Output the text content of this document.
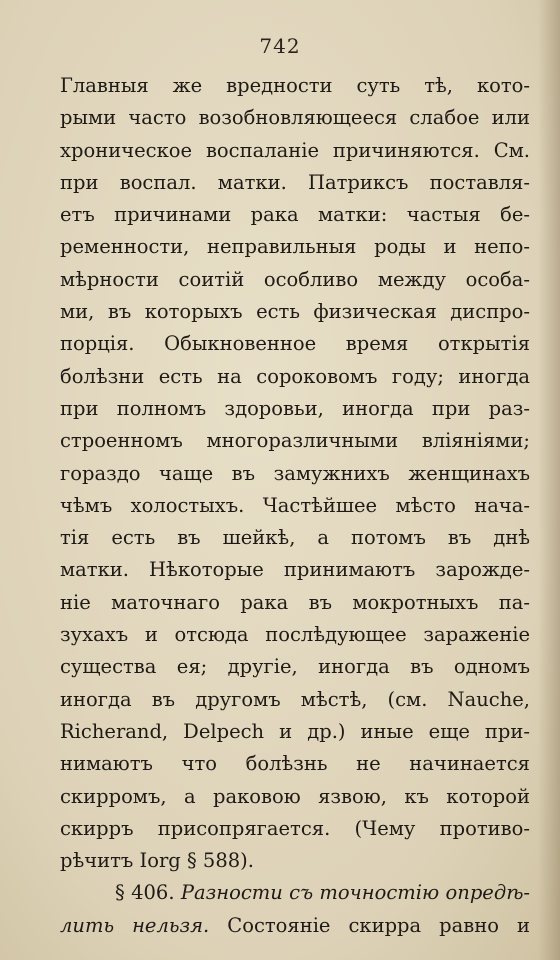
742
Главныя же вредности суть тѣ, кото-
рыми часто возобновляющееся слабое или
хроническое воспаланіе причиняются. См.
при воспал. матки. Патриксъ поставля-
етъ причинами рака матки: частыя бе-
ременности, неправильныя роды и непо-
мѣрности соитій особливо между особа-
ми, въ которыхъ есть физическая диспро-
порція. Обыкновенное время открытія
болѣзни есть на сороковомъ году; иногда
при полномъ здоровьи, иногда при раз-
строенномъ многоразличными вліяніями;
гораздо чаще въ замужнихъ женщинахъ
чѣмъ холостыхъ. Частѣйшее мѣсто нача-
тія есть въ шейкѣ, а потомъ въ днѣ
матки. Нѣкоторые принимаютъ зарожде-
ніе маточнаго рака въ мокротныхъ па-
зухахъ и отсюда послѣдующее зараженіе
существа ея; другіе, иногда въ одномъ
иногда въ другомъ мѣстѣ, (см. Nauche,
Richerand, Delpech и др.) иные еще при-
нимаютъ что болѣзнь не начинается
скирромъ, а раковою язвою, къ которой
скирръ присопрягается. (Чему противо-
рѣчитъ Iorg § 588).
§ 406. Разности съ точностію опредѣ-
лить нельзя. Состояніе скирра равно и
